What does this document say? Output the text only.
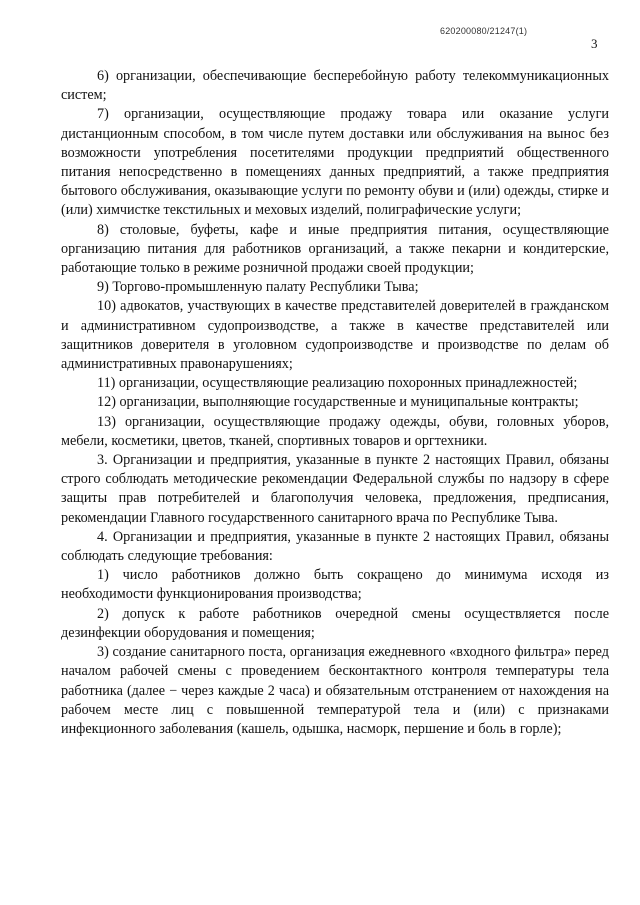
620200080/21247(1)
3

6) организации, обеспечивающие бесперебойную работу телекоммуникационных систем;

7) организации, осуществляющие продажу товара или оказание услуги дистанционным способом, в том числе путем доставки или обслуживания на вынос без возможности употребления посетителями продукции предприятий общественного питания непосредственно в помещениях данных предприятий, а также предприятия бытового обслуживания, оказывающие услуги по ремонту обуви и (или) одежды, стирке и (или) химчистке текстильных и меховых изделий, полиграфические услуги;

8) столовые, буфеты, кафе и иные предприятия питания, осуществляющие организацию питания для работников организаций, а также пекарни и кондитерские, работающие только в режиме розничной продажи своей продукции;

9) Торгово-промышленную палату Республики Тыва;

10) адвокатов, участвующих в качестве представителей доверителей в гражданском и административном судопроизводстве, а также в качестве представителей или защитников доверителя в уголовном судопроизводстве и производстве по делам об административных правонарушениях;

11) организации, осуществляющие реализацию похоронных принадлежностей;

12) организации, выполняющие государственные и муниципальные контракты;

13) организации, осуществляющие продажу одежды, обуви, головных уборов, мебели, косметики, цветов, тканей, спортивных товаров и оргтехники.

3. Организации и предприятия, указанные в пункте 2 настоящих Правил, обязаны строго соблюдать методические рекомендации Федеральной службы по надзору в сфере защиты прав потребителей и благополучия человека, предложения, предписания, рекомендации Главного государственного санитарного врача по Республике Тыва.

4. Организации и предприятия, указанные в пункте 2 настоящих Правил, обязаны соблюдать следующие требования:

1) число работников должно быть сокращено до минимума исходя из необходимости функционирования производства;

2) допуск к работе работников очередной смены осуществляется после дезинфекции оборудования и помещения;

3) создание санитарного поста, организация ежедневного «входного фильтра» перед началом рабочей смены с проведением бесконтактного контроля температуры тела работника (далее − через каждые 2 часа) и обязательным отстранением от нахождения на рабочем месте лиц с повышенной температурой тела и (или) с признаками инфекционного заболевания (кашель, одышка, насморк, першение и боль в горле);
